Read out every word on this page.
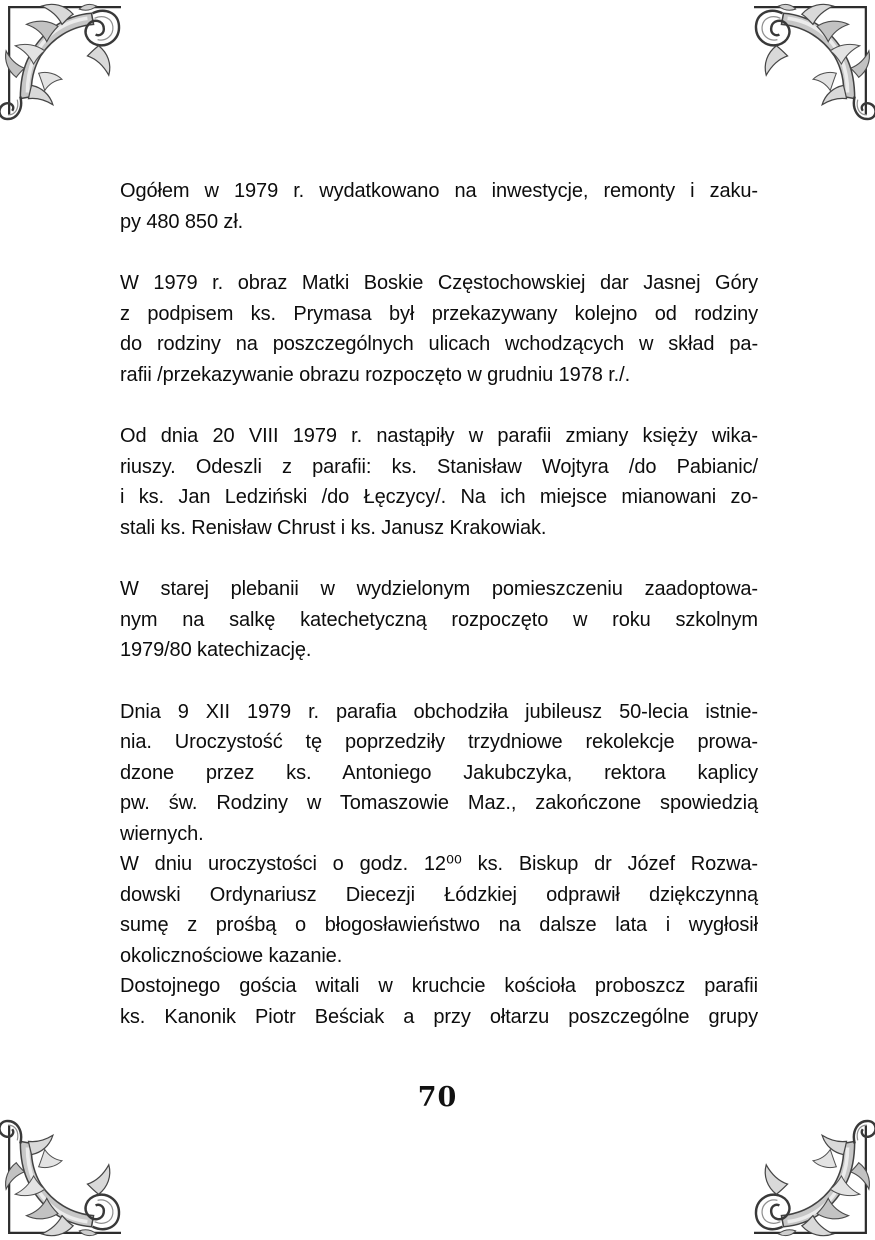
Ogółem w 1979 r. wydatkowano na inwestycje, remonty i zaku-
py 480 850 zł.
W 1979 r. obraz Matki Boskie Częstochowskiej dar Jasnej Góry
z podpisem ks. Prymasa był przekazywany kolejno od rodziny
do rodziny na poszczególnych ulicach wchodzących w skład pa-
rafii /przekazywanie obrazu rozpoczęto w grudniu 1978 r./.
Od dnia 20 VIII 1979 r. nastąpiły w parafii zmiany księży wika-
riuszy. Odeszli z parafii: ks. Stanisław Wojtyra /do Pabianic/
i ks. Jan Ledziński /do Łęczycy/. Na ich miejsce mianowani zo-
stali ks. Renisław Chrust i ks. Janusz Krakowiak.
W starej plebanii w wydzielonym pomieszczeniu zaadoptowa-
nym na salkę katechetyczną rozpoczęto w roku szkolnym
1979/80 katechizację.
Dnia 9 XII 1979 r. parafia obchodziła jubileusz 50-lecia istnie-
nia. Uroczystość tę poprzedziły trzydniowe rekolekcje prowa-
dzone przez ks. Antoniego Jakubczyka, rektora kaplicy
pw. św. Rodziny w Tomaszowie Maz., zakończone spowiedzią
wiernych.
W dniu uroczystości o godz. 12⁰⁰ ks. Biskup dr Józef Rozwa-
dowski Ordynariusz Diecezji Łódzkiej odprawił dziękczynną
sumę z prośbą o błogosławieństwo na dalsze lata i wygłosił
okolicznościowe kazanie.
Dostojnego gościa witali w kruchcie kościoła proboszcz parafii
ks. Kanonik Piotr Beściak a przy ołtarzu poszczególne grupy
70
